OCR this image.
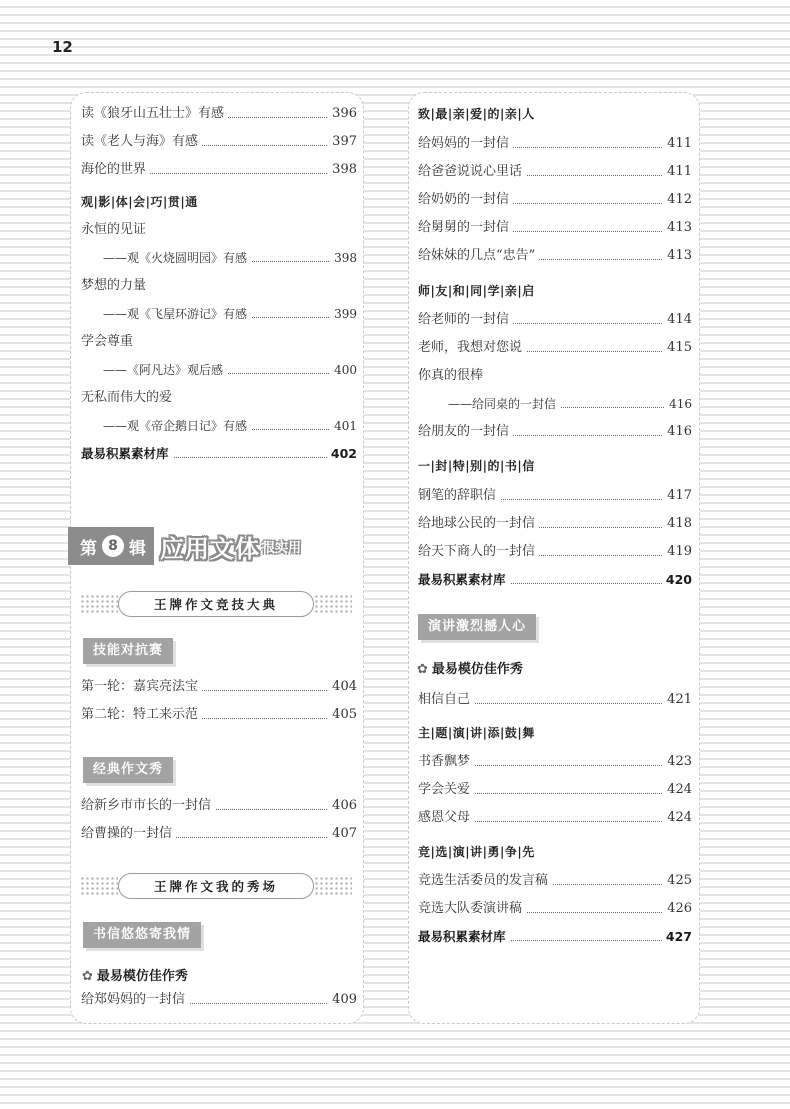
12
读《狼牙山五壮士》有感	396
读《老人与海》有感	397
海伦的世界	398
观|影|体|会|巧|贯|通
永恒的见证
——观《火烧圆明园》有感	398
梦想的力量
——观《飞屋环游记》有感	399
学会尊重
——《阿凡达》观后感	400
无私而伟大的爱
——观《帝企鹅日记》有感	401
最易积累素材库	402
第一轮：嘉宾亮法宝	404
第二轮：特工来示范	405
给新乡市市长的一封信	406
给曹操的一封信	407
给郑妈妈的一封信	409
第 8 辑 应用文体 很实用
王牌作文竞技大典
技能对抗赛
经典作文秀
王牌作文我的秀场
书信悠悠寄我情
✿ 最易模仿佳作秀
致|最|亲|爱|的|亲|人
给妈妈的一封信	411
给爸爸说说心里话	411
给奶奶的一封信	412
给舅舅的一封信	413
给妹妹的几点“忠告”	413
师|友|和|同|学|亲|启
给老师的一封信	414
老师，我想对您说	415
你真的很棒
——给同桌的一封信	416
给朋友的一封信	416
一|封|特|别|的|书|信
钢笔的辞职信	417
给地球公民的一封信	418
给天下商人的一封信	419
最易积累素材库	420
相信自己	421
主|题|演|讲|添|鼓|舞
书香飘梦	423
学会关爱	424
感恩父母	424
竞|选|演|讲|勇|争|先
竞选生活委员的发言稿	425
竞选大队委演讲稿	426
最易积累素材库	427
演讲激烈撼人心
✿ 最易模仿佳作秀
